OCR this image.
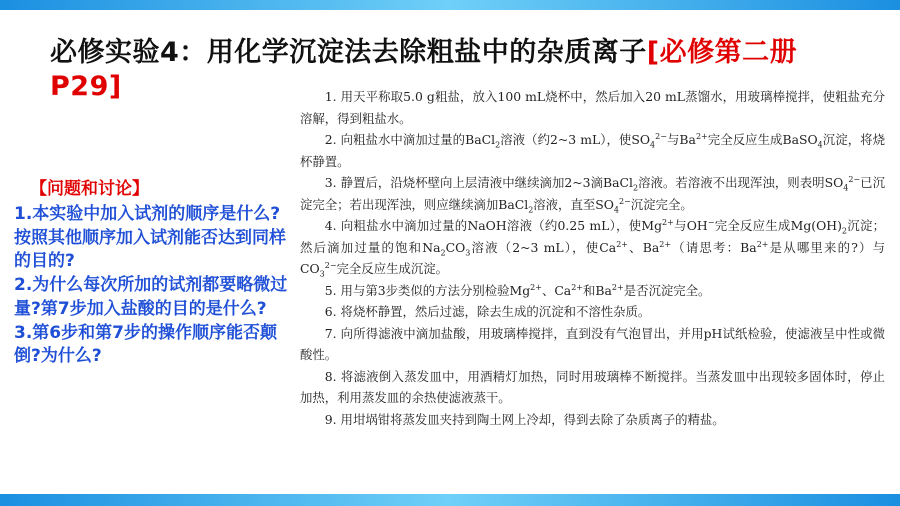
必修实验4：用化学沉淀法去除粗盐中的杂质离子[必修第二册P29]
【问题和讨论】

1.本实验中加入试剂的顺序是什么?按照其他顺序加入试剂能否达到同样的目的?

2.为什么每次所加的试剂都要略微过量?第7步加入盐酸的目的是什么?

3.第6步和第7步的操作顺序能否颠倒?为什么?

1. 用天平称取5.0 g粗盐，放入100 mL烧杯中，然后加入20 mL蒸馏水，用玻璃棒搅拌，使粗盐充分溶解，得到粗盐水。

2. 向粗盐水中滴加过量的BaCl$_2$溶液（约2~3 mL），使$SO_4^{2-}$与$Ba^{2+}$完全反应生成BaSO$_4$沉淀，将烧杯静置。

3. 静置后，沿烧杯壁向上层清液中继续滴加2~3滴BaCl$_2$溶液。若溶液不出现浑浊，则表明$SO_4^{2-}$已沉淀完全；若出现浑浊，则应继续滴加BaCl$_2$溶液，直至$SO_4^{2-}$沉淀完全。

4. 向粗盐水中滴加过量的NaOH溶液（约0.25 mL），使$Mg^{2+}$与OH−完全反应生成$Mg(OH)_2$沉淀；然后滴加过量的饱和$Na_2CO_3$溶液（2~3 mL），使$Ca^{2+}$、$Ba^{2+}$（请思考：$Ba^{2+}$是从哪里来的?）与$CO_3^{2-}$完全反应生成沉淀。

5. 用与第3步类似的方法分别检验$Mg^{2+}$、$Ca^{2+}$和$Ba^{2+}$是否沉淀完全。

6. 将烧杯静置，然后过滤，除去生成的沉淀和不溶性杂质。

7. 向所得滤液中滴加盐酸，用玻璃棒搅拌，直到没有气泡冒出，并用pH试纸检验，使滤液呈中性或微酸性。

8. 将滤液倒入蒸发皿中，用酒精灯加热，同时用玻璃棒不断搅拌。当蒸发皿中出现较多固体时，停止加热，利用蒸发皿的余热使滤液蒸干。

9. 用坩埚钳将蒸发皿夹持到陶土网上冷却，得到去除了杂质离子的精盐。
